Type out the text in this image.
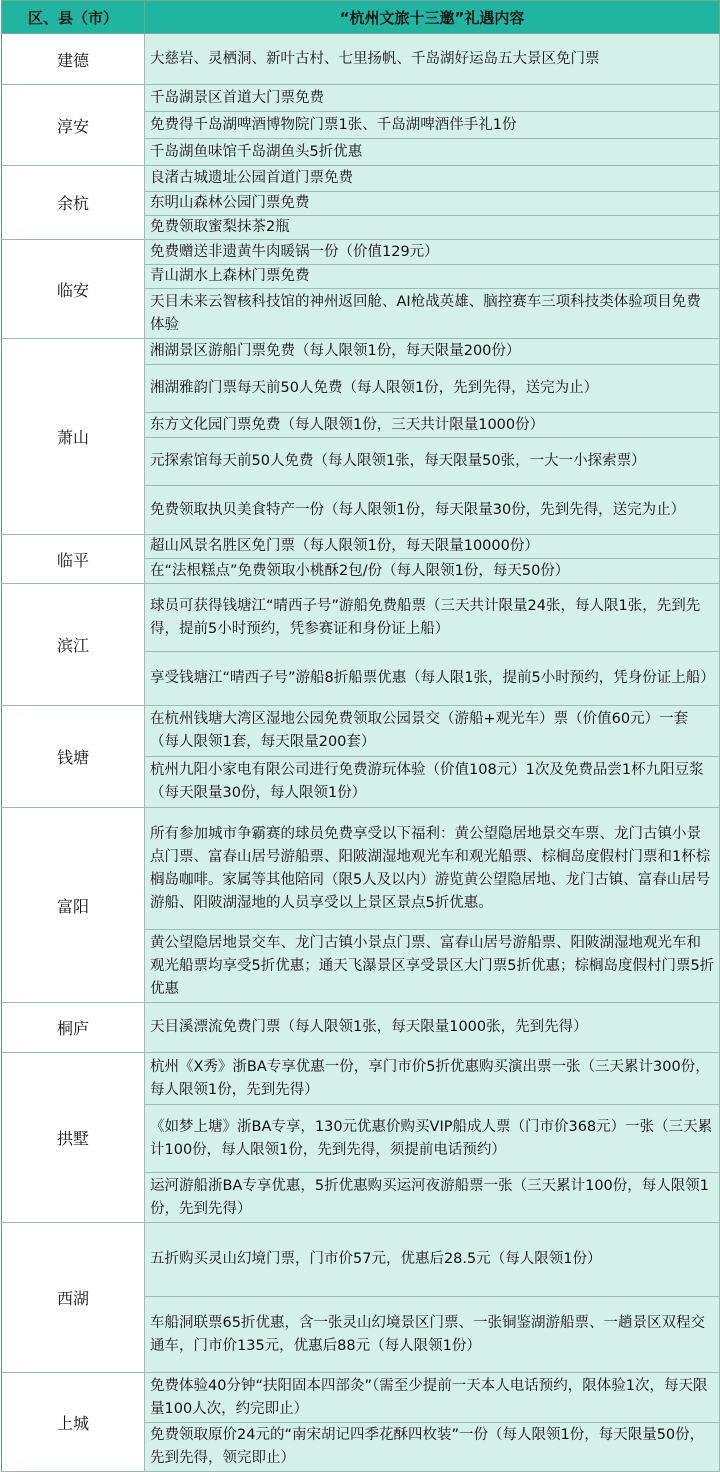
区、县（市）	“杭州文旅十三邀”礼遇内容
建德	大慈岩、灵栖洞、新叶古村、七里扬帆、千岛湖好运岛五大景区免门票
淳安	千岛湖景区首道大门票免费
	免费得千岛湖啤酒博物院门票1张、千岛湖啤酒伴手礼1份
	千岛湖鱼味馆千岛湖鱼头5折优惠
余杭	良渚古城遗址公园首道门票免费
	东明山森林公园门票免费
	免费领取蜜梨抹茶2瓶
临安	免费赠送非遗黄牛肉暖锅一份（价值129元）
	青山湖水上森林门票免费
	天目未来云智核科技馆的神州返回舱、AI枪战英雄、脑控赛车三项科技类体验项目免费体验
萧山	湘湖景区游船门票免费（每人限领1份，每天限量200份）
	湘湖雅韵门票每天前50人免费（每人限领1份，先到先得，送完为止）
	东方文化园门票免费（每人限领1份，三天共计限量1000份）
	元探索馆每天前50人免费（每人限领1张，每天限量50张，一大一小探索票）
	免费领取执贝美食特产一份（每人限领1份，每天限量30份，先到先得，送完为止）
临平	超山风景名胜区免门票（每人限领1份，每天限量10000份）
	在“法根糕点”免费领取小桃酥2包/份（每人限领1份，每天50份）
滨江	球员可获得钱塘江“晴西子号”游船免费船票（三天共计限量24张，每人限1张，先到先得，提前5小时预约，凭参赛证和身份证上船）
	享受钱塘江“晴西子号”游船8折船票优惠（每人限1张，提前5小时预约，凭身份证上船）
钱塘	在杭州钱塘大湾区湿地公园免费领取公园景交（游船+观光车）票（价值60元）一套（每人限领1套，每天限量200套）
	杭州九阳小家电有限公司进行免费游玩体验（价值108元）1次及免费品尝1杯九阳豆浆（每天限量30份，每人限领1份）
富阳	所有参加城市争霸赛的球员免费享受以下福利：黄公望隐居地景交车票、龙门古镇小景点门票、富春山居号游船票、阳陂湖湿地观光车和观光船票、棕榈岛度假村门票和1杯棕榈岛咖啡。家属等其他陪同（限5人及以内）游览黄公望隐居地、龙门古镇、富春山居号游船、阳陂湖湿地的人员享受以上景区景点5折优惠。
	黄公望隐居地景交车、龙门古镇小景点门票、富春山居号游船票、阳陂湖湿地观光车和观光船票均享受5折优惠；通天飞瀑景区享受景区大门票5折优惠；棕榈岛度假村门票5折优惠
桐庐	天目溪漂流免费门票（每人限领1张，每天限量1000张，先到先得）
拱墅	杭州《X秀》浙BA专享优惠一份，享门市价5折优惠购买演出票一张（三天累计300份，每人限领1份，先到先得）
	《如梦上塘》浙BA专享，130元优惠价购买VIP船成人票（门市价368元）一张（三天累计100份，每人限领1份，先到先得，须提前电话预约）
	运河游船浙BA专享优惠，5折优惠购买运河夜游船票一张（三天累计100份，每人限领1份，先到先得）
西湖	五折购买灵山幻境门票，门市价57元，优惠后28.5元（每人限领1份）
	车船洞联票65折优惠，含一张灵山幻境景区门票、一张铜鉴湖游船票、一趟景区双程交通车，门市价135元，优惠后88元（每人限领1份）
上城	免费体验40分钟“扶阳固本四部灸”（需至少提前一天本人电话预约，限体验1次，每天限量100人次，约完即止）
	免费领取原价24元的“南宋胡记四季花酥四枚装”一份（每人限领1份，每天限量50份，先到先得，领完即止）
